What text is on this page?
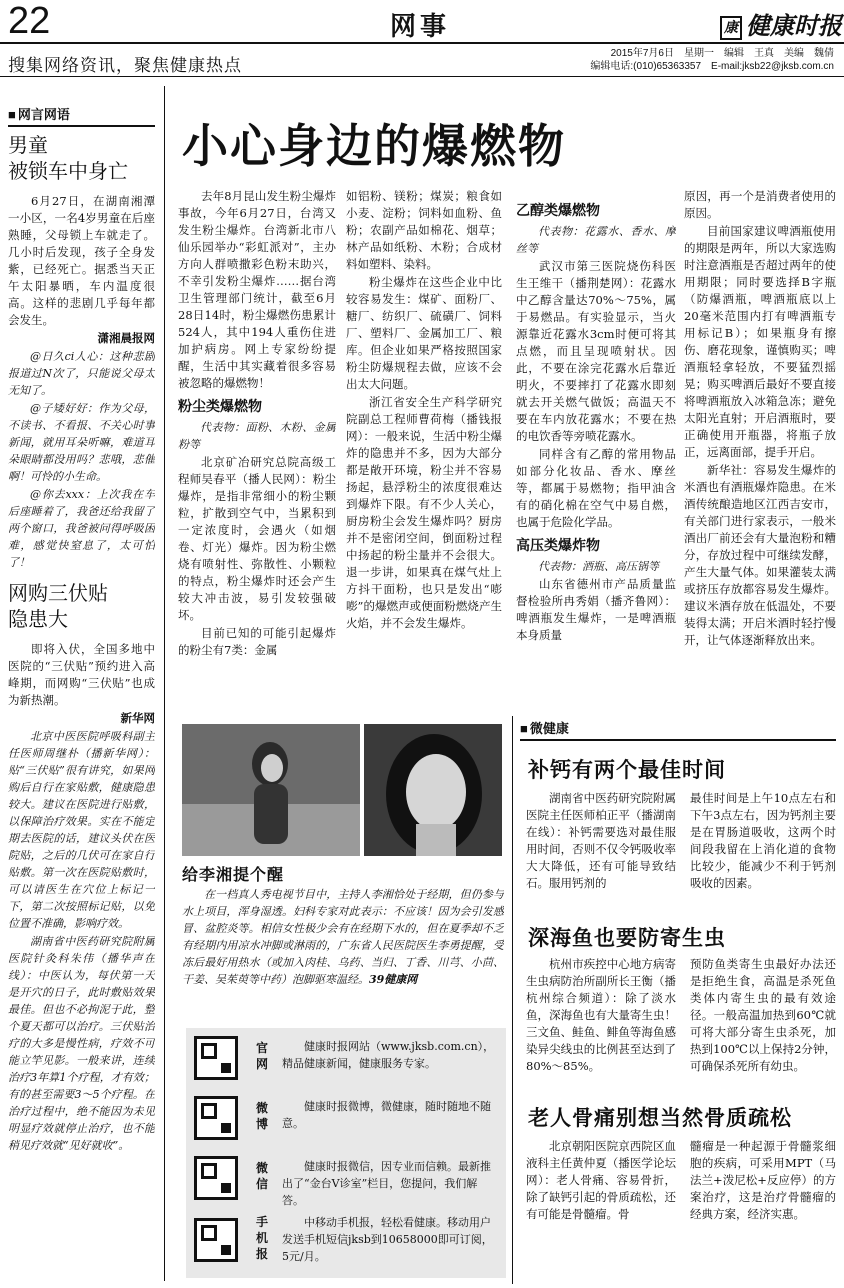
22	网事	康 健康时报
搜集网络资讯，聚焦健康热点
2015年7月6日　星期一　编辑　王真　美编　魏倩
编辑电话:(010)65363357　E-mail:jksb22@jksb.com.cn
■ 网言网语
男童
被锁车中身亡

6月27日，在湖南湘潭一小区，一名4岁男童在后座熟睡，父母锁上车就走了。几小时后发现，孩子全身发紫，已经死亡。据悉当天正午太阳暴晒，车内温度很高。这样的悲剧几乎每年都会发生。

潇湘晨报网

@日久ci人心：这种悲剧报道过N次了，只能说父母太无知了。

@子矮好好：作为父母，不读书、不看报、不关心时事新闻，就用耳朵听嘛，难道耳朵眼睛都没用吗？悲哦，悲催啊！可怜的小生命。

@你去xxx：上次我在车后座睡着了，我爸还给我留了两个窗口，我爸被问得呼吸困难，感觉快窒息了，太可怕了！

网购三伏贴
隐患大

即将入伏，全国多地中医院的“三伏贴”预约进入高峰期，而网购“三伏贴”也成为新热潮。

新华网

北京中医医院呼吸科副主任医师周继朴（播新华网）：贴“三伏贴”很有讲究，如果网购后自行在家贴敷，健康隐患较大。建议在医院进行贴敷，以保障治疗效果。实在不能定期去医院的话，建议头伏在医院贴，之后的几伏可在家自行贴敷。第一次在医院贴敷时，可以请医生在穴位上标记一下，第二次按照标记贴，以免位置不准确，影响疗效。

湖南省中医药研究院附属医院针灸科朱伟（播华声在线）：中医认为，每伏第一天是开穴的日子，此时敷贴效果最佳。但也不必拘泥于此，整个夏天都可以治疗。三伏贴治疗的大多是慢性病，疗效不可能立竿见影。一般来讲，连续治疗3年算1个疗程，才有效；有的甚至需要3～5个疗程。在治疗过程中，绝不能因为未见明显疗效就停止治疗，也不能稍见疗效就“见好就收”。

小心身边的爆燃物

去年8月昆山发生粉尘爆炸事故，今年6月27日，台湾又发生粉尘爆炸。台湾新北市八仙乐园举办“彩虹派对”，主办方向人群喷撒彩色粉末助兴，不幸引发粉尘爆炸……据台湾卫生管理部门统计，截至6月28日14时，粉尘爆燃伤患累计524人，其中194人重伤住进加护病房。网上专家纷纷提醒，生活中其实藏着很多容易被忽略的爆燃物！

粉尘类爆燃物

代表物：面粉、木粉、金属粉等

北京矿冶研究总院高级工程师吴春平（播人民网）：粉尘爆炸，是指非常细小的粉尘颗粒，扩散到空气中，当累积到一定浓度时，会遇火（如烟卷、灯光）爆炸。因为粉尘燃烧有喷射性、弥散性、小颗粒的特点，粉尘爆炸时还会产生较大冲击波，易引发较强破坏。

目前已知的可能引起爆炸的粉尘有7类：金属

如铝粉、镁粉；煤炭；粮食如小麦、淀粉；饲料如血粉、鱼粉；农副产品如棉花、烟草；林产品如纸粉、木粉；合成材料如塑料、染料。

粉尘爆炸在这些企业中比较容易发生：煤矿、面粉厂、糖厂、纺织厂、硫磺厂、饲料厂、塑料厂、金属加工厂、粮库。但企业如果严格按照国家粉尘防爆规程去做，应该不会出太大问题。

浙江省安全生产科学研究院副总工程师曹荷梅（播钱报网）：一般来说，生活中粉尘爆炸的隐患并不多，因为大部分都是敞开环境，粉尘并不容易扬起，悬浮粉尘的浓度很难达到爆炸下限。有不少人关心，厨房粉尘会发生爆炸吗？厨房并不是密闭空间，倒面粉过程中扬起的粉尘量并不会很大。退一步讲，如果真在煤气灶上方抖干面粉，也只是发出“嘭嘭”的爆燃声或便面粉燃烧产生火焰，并不会发生爆炸。

乙醇类爆燃物

代表物：花露水、香水、摩丝等

武汉市第三医院烧伤科医生王维干（播荆楚网）：花露水中乙醇含量达70%～75%，属于易燃品。有实验显示，当火源靠近花露水3cm时便可将其点燃，而且呈现喷射状。因此，不要在涂完花露水后靠近明火，不要摔打了花露水即刻就去开关燃气做饭；高温天不要在车内放花露水；不要在热的电饮香等旁喷花露水。

同样含有乙醇的常用物品如部分化妆品、香水、摩丝等，都属于易燃物；指甲油含有的硝化棉在空气中易自燃，也属于危险化学品。

高压类爆炸物

代表物：酒瓶、高压锅等

山东省德州市产品质量监督检验所冉秀娟（播齐鲁网）：啤酒瓶发生爆炸，一是啤酒瓶本身质量

原因，再一个是消费者使用的原因。

目前国家建议啤酒瓶使用的期限是两年，所以大家选购时注意酒瓶是否超过两年的使用期限；同时要选择B字瓶（防爆酒瓶，啤酒瓶底以上20毫米范围内打有啤酒瓶专用标记B）；如果瓶身有擦伤、磨花现象，谨慎购买；啤酒瓶轻拿轻放，不要猛烈摇晃；购买啤酒后最好不要直接将啤酒瓶放入冰箱急冻；避免太阳光直射；开启酒瓶时，要正确使用开瓶器，将瓶子放正，远离面部，提手开启。

新华社：容易发生爆炸的米酒也有酒瓶爆炸隐患。在米酒传统酿造地区江西吉安市，有关部门进行家表示，一般米酒出厂前还会有大量泡粉和糟分，存放过程中可继续发酵，产生大量气体。如果灌装太满或挤压存放都容易发生爆炸。建议米酒存放在低温处，不要装得太满；开启米酒时轻拧慢开，让气体逐渐释放出来。

给李湘提个醒

在一档真人秀电视节目中，主持人李湘恰处于经期，但仍参与水上项目，浑身湿透。妇科专家对此表示：不应该！因为会引发感冒、盆腔炎等。相信女性极少会有在经期下水的，但在夏季却不乏有经期内用凉水冲脚或淋雨的，广东省人民医院医生李勇提醒，受冻后最好用热水（或加入肉桂、乌药、当归、丁香、川芎、小茴、干姜、吴茱萸等中药）泡脚驱寒温经。39健康网

官网
健康时报网站（www.jksb.com.cn），精品健康新闻，健康服务专家。
微博
健康时报微博，微健康，随时随地不随意。
微信
健康时报微信，因专业而信赖。最新推出了“金台V诊室”栏目，您提问，我们解答。
手机报
中移动手机报，轻松看健康。移动用户发送手机短信jksb到10658000即可订阅，5元/月。
■ 微健康
补钙有两个最佳时间

湖南省中医药研究院附属医院主任医师柏正平（播湖南在线）：补钙需要选对最佳服用时间，否则不仅令钙吸收率大大降低，还有可能导致结石。服用钙剂的

最佳时间是上午10点左右和下午3点左右，因为钙剂主要是在胃肠道吸收，这两个时间段我留在上消化道的食物比较少，能减少不利于钙剂吸收的因素。

深海鱼也要防寄生虫

杭州市疾控中心地方病寄生虫病防治所副所长王衡（播杭州综合频道）：除了淡水鱼，深海鱼也有大量寄生虫！三文鱼、鲑鱼、鲱鱼等海鱼感染异尖线虫的比例甚至达到了80%～85%。

预防鱼类寄生虫最好办法还是拒绝生食，高温是杀死鱼类体内寄生虫的最有效途径。一般高温加热到60℃就可将大部分寄生虫杀死，加热到100℃以上保持2分钟，可确保杀死所有幼虫。

老人骨痛别想当然骨质疏松

北京朝阳医院京西院区血液科主任黄仲夏（播医学论坛网）：老人骨痛、容易骨折，除了缺钙引起的骨质疏松，还有可能是骨髓瘤。骨

髓瘤是一种起源于骨髓浆细胞的疾病，可采用MPT（马法兰+泼尼松+反应停）的方案治疗，这是治疗骨髓瘤的经典方案，经济实惠。
